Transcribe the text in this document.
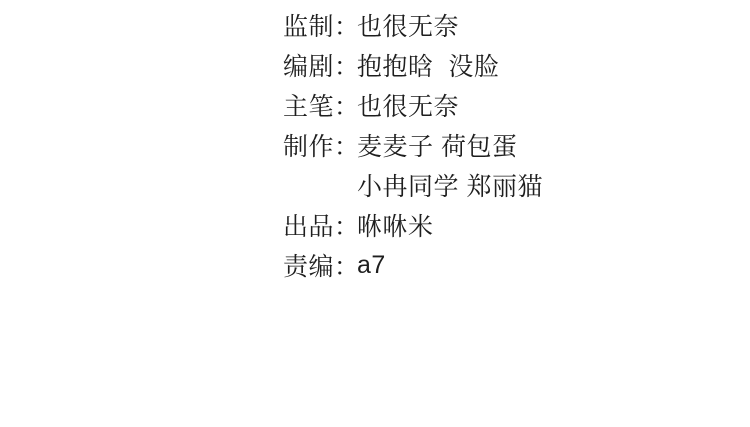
监制：
也很无奈
编剧：
抱抱晗  没脸
主笔：
也很无奈
制作：
麦麦子 荷包蛋
小冉同学 郑丽猫
出品：
咻咻米
责编：
a7
